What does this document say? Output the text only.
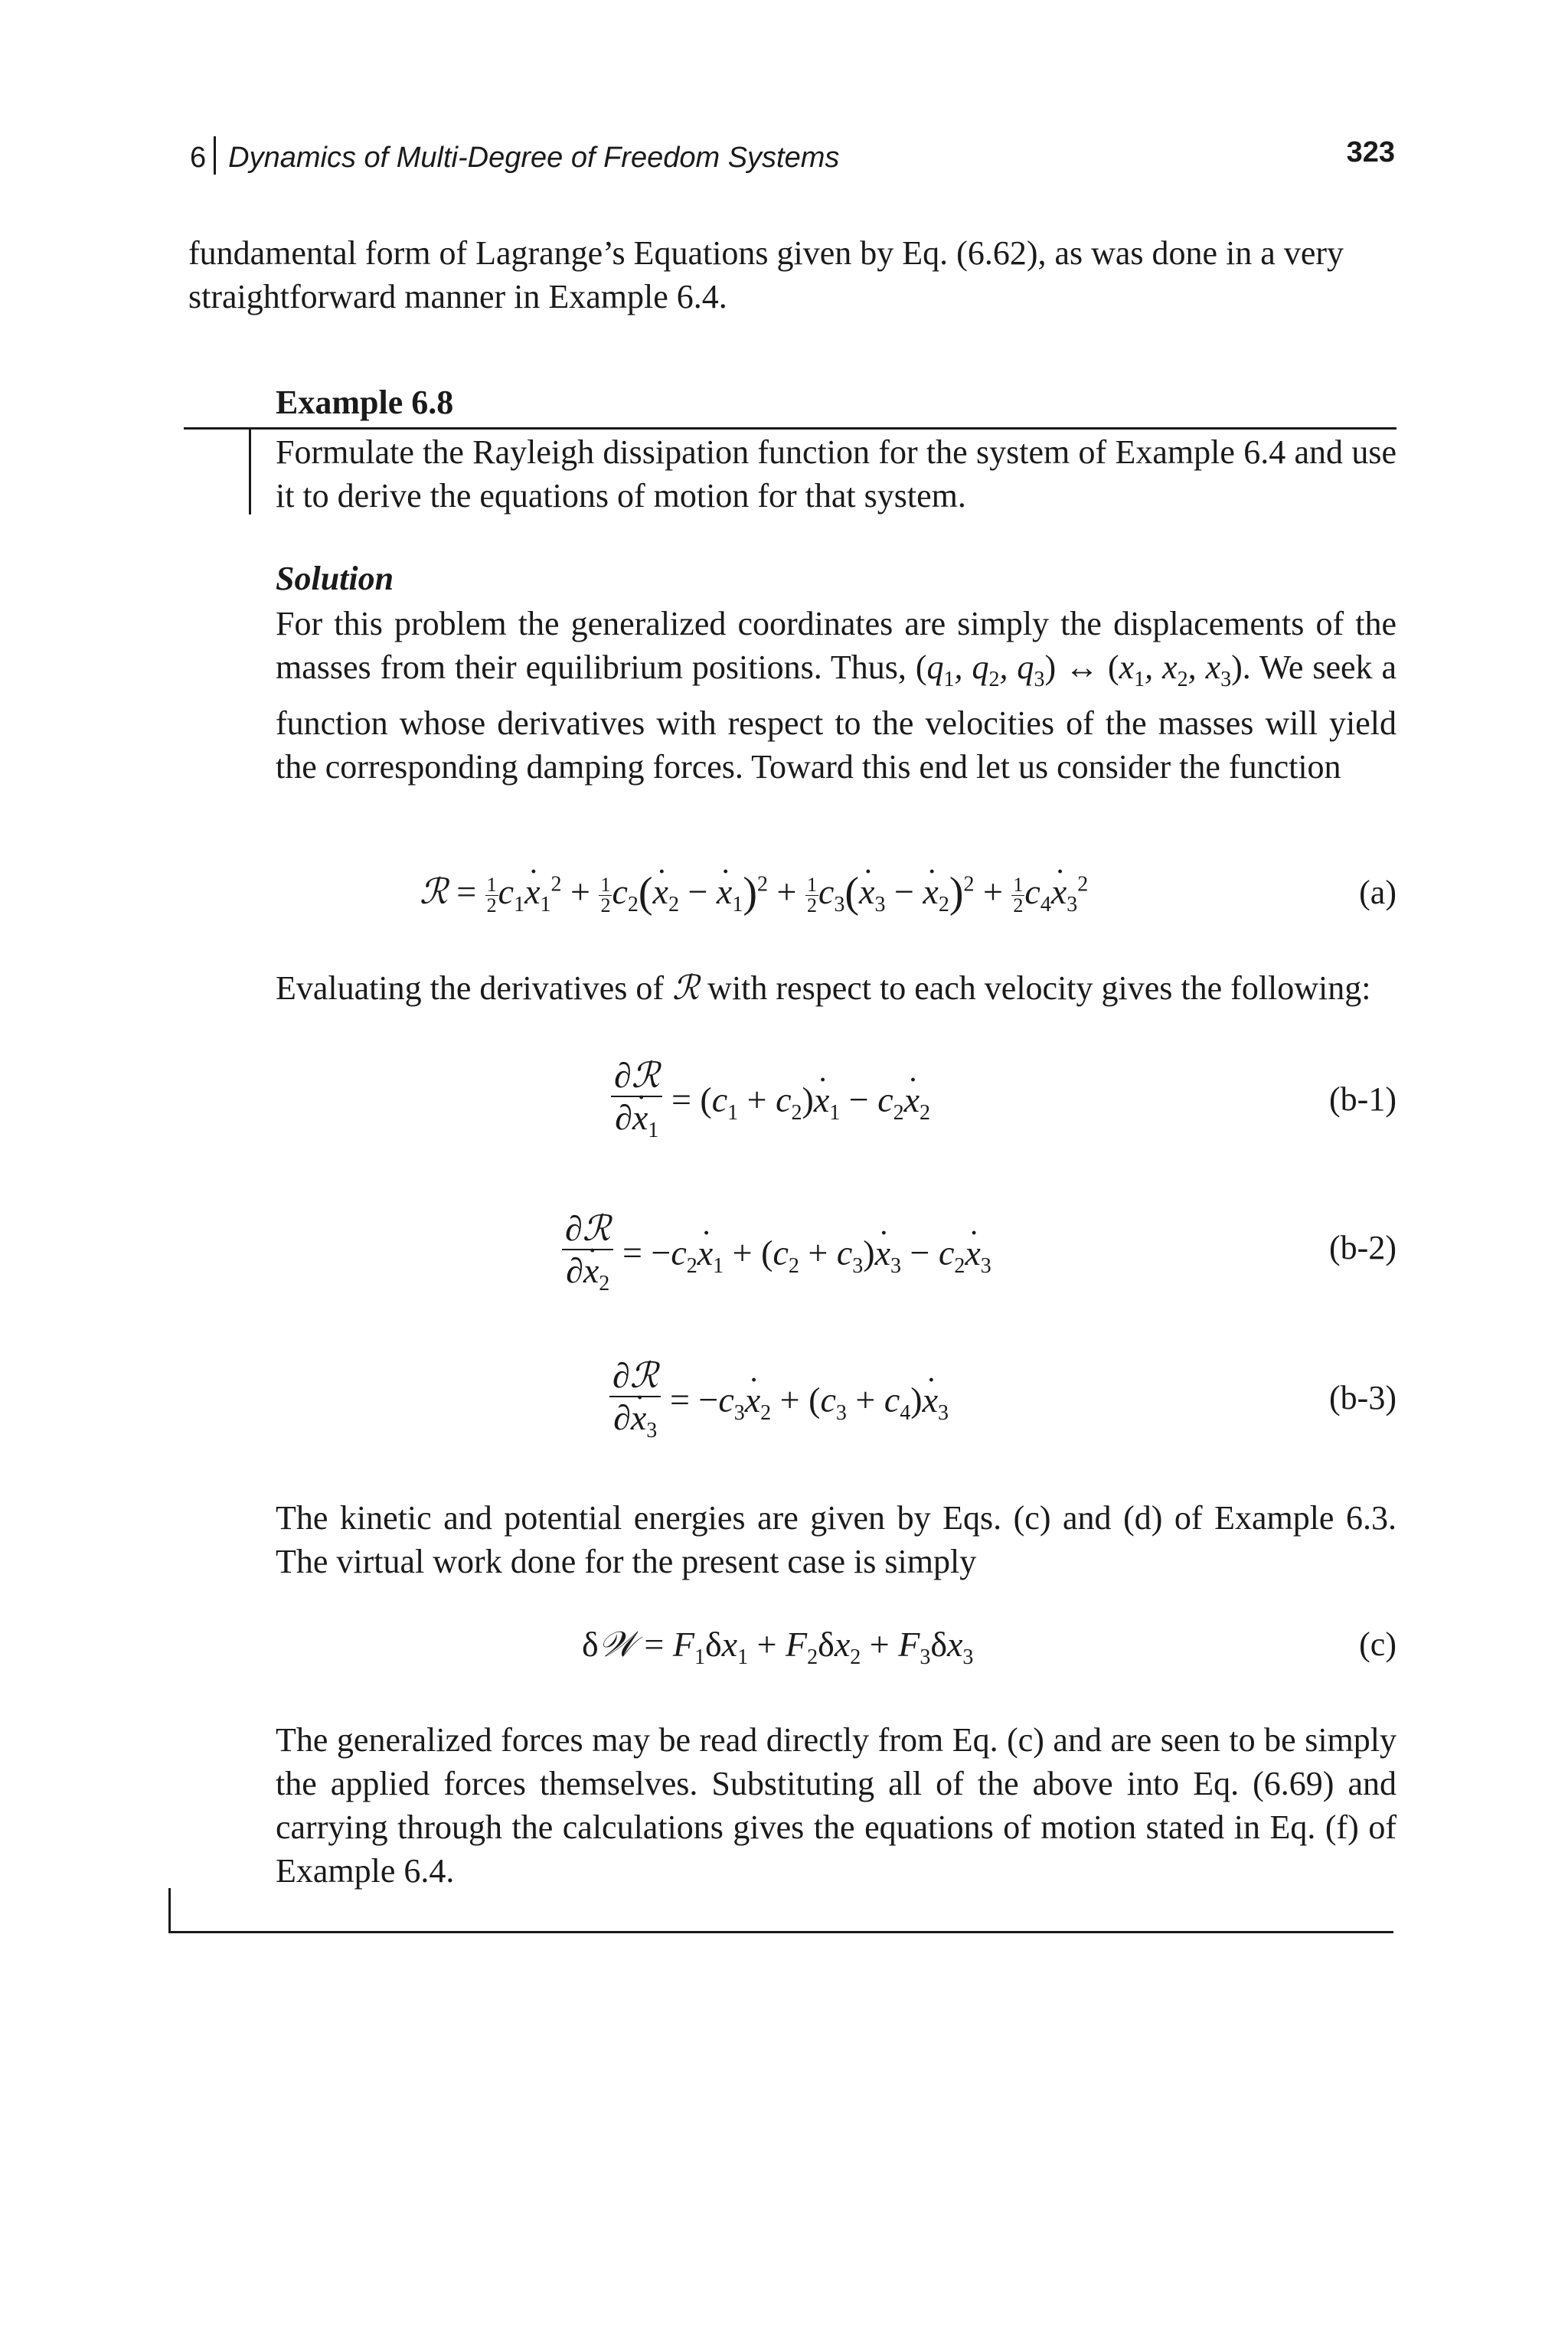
6 Dynamics of Multi-Degree of Freedom Systems	323
fundamental form of Lagrange’s Equations given by Eq. (6.62), as was done in a very straightforward manner in Example 6.4.
Example 6.8
Formulate the Rayleigh dissipation function for the system of Example 6.4 and use it to derive the equations of motion for that system.
Solution
For this problem the generalized coordinates are simply the displacements of the masses from their equilibrium positions. Thus, ($q_1$, $q_2$, $q_3$) ↔ ($x_1$, $x_2$, $x_3$). We seek a function whose derivatives with respect to the velocities of the masses will yield the corresponding damping forces. Toward this end let us consider the function
ℛ = $\frac{1}{2} c_1x$ $˙_1^2 + \frac{1}{2} c_2(x$ $˙_2 - x$ $˙_1)^2 + \frac{1}{2} c_3(x$ $˙_3 - x$ $˙_2)^2 + \frac{1}{2} c_4x$ $˙_3^2$	(a)
Evaluating the derivatives of ℛ with respect to each velocity gives the following:
$\frac{\text{∂ℛ}}{\partial x ˙_1} = (c_1 + c_2)x$ $˙_1 - c_2x$ $˙_2$	(b-1)
$\frac{\text{∂ℛ}}{\partial x ˙_2} = -c_2x$ $˙_1 + (c_2 + c_3)x$ $˙_3 - c_2x$ $˙_3$	(b-2)
$\frac{\text{∂ℛ}}{\partial x ˙_3} = -c_3x$ $˙_2 + (c_3 + c_4)x$ $˙_3$	(b-3)
The kinetic and potential energies are given by Eqs. (c) and (d) of Example 6.3. The virtual work done for the present case is simply
δ𝒲 = $F_1\delta x_1 + F_2\delta x_2 + F_3\delta x_3$	(c)
The generalized forces may be read directly from Eq. (c) and are seen to be simply the applied forces themselves. Substituting all of the above into Eq. (6.69) and carrying through the calculations gives the equations of motion stated in Eq. (f) of Example 6.4.
